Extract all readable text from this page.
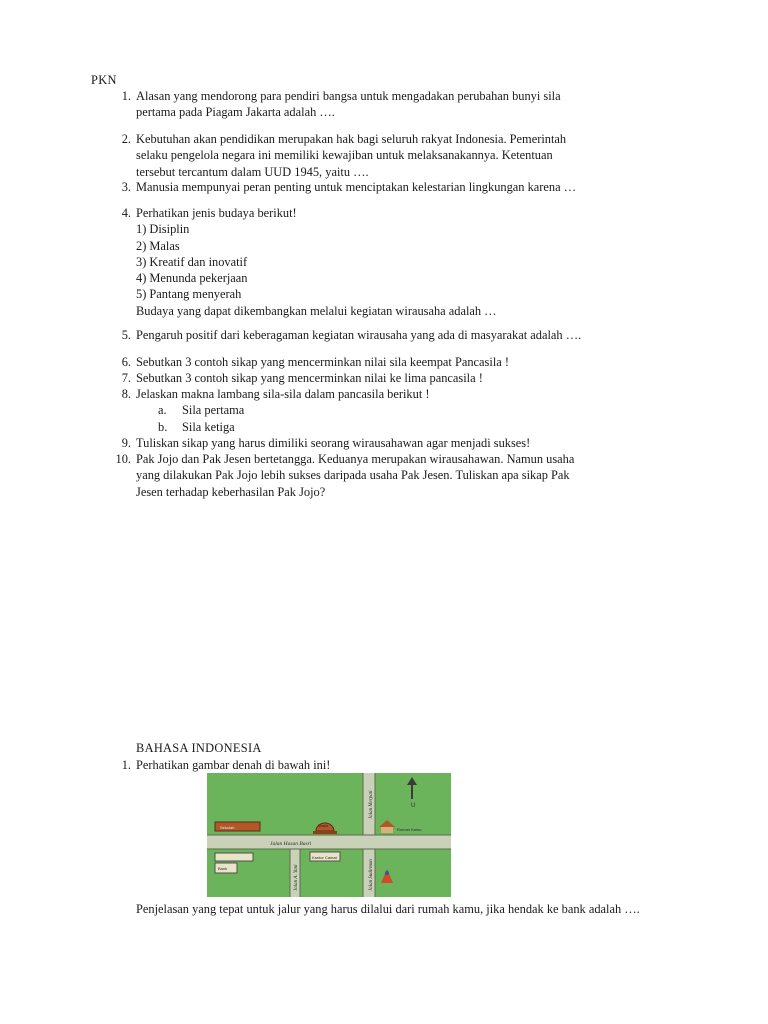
PKN
1. Alasan yang mendorong para pendiri bangsa untuk mengadakan perubahan bunyi sila
pertama pada Piagam Jakarta adalah ….
2. Kebutuhan akan pendidikan merupakan hak bagi seluruh rakyat Indonesia. Pemerintah
selaku pengelola negara ini memiliki kewajiban untuk melaksanakannya. Ketentuan
tersebut tercantum dalam UUD 1945, yaitu ….
3. Manusia mempunyai peran penting untuk menciptakan kelestarian lingkungan karena …
4. Perhatikan jenis budaya berikut!
1) Disiplin
2) Malas
3) Kreatif dan inovatif
4) Menunda pekerjaan
5) Pantang menyerah
Budaya yang dapat dikembangkan melalui kegiatan wirausaha adalah …
5. Pengaruh positif dari keberagaman kegiatan wirausaha yang ada di masyarakat adalah ….
6. Sebutkan 3 contoh sikap yang mencerminkan nilai sila keempat Pancasila !
7. Sebutkan 3 contoh sikap yang mencerminkan nilai ke lima pancasila !
8. Jelaskan makna lambang sila-sila dalam pancasila berikut !
a. Sila pertama
b. Sila ketiga
9. Tuliskan sikap yang harus dimiliki seorang wirausahawan agar menjadi sukses!
10. Pak Jojo dan Pak Jesen bertetangga. Keduanya merupakan wirausahawan. Namun usaha
yang dilakukan Pak Jojo lebih sukses daripada usaha Pak Jesen. Tuliskan apa sikap Pak
Jesen terhadap keberhasilan Pak Jojo?
BAHASA INDONESIA
1. Perhatikan gambar denah di bawah ini!
U
Jalan Hasan Basri
Jalan A. Yani
Jalan Merpati
Jalan Sudirman
Rumah Kamu
Sekolah
Bank
Kantor Camat
Masjid
Penjelasan yang tepat untuk jalur yang harus dilalui dari rumah kamu, jika hendak ke bank adalah ….
